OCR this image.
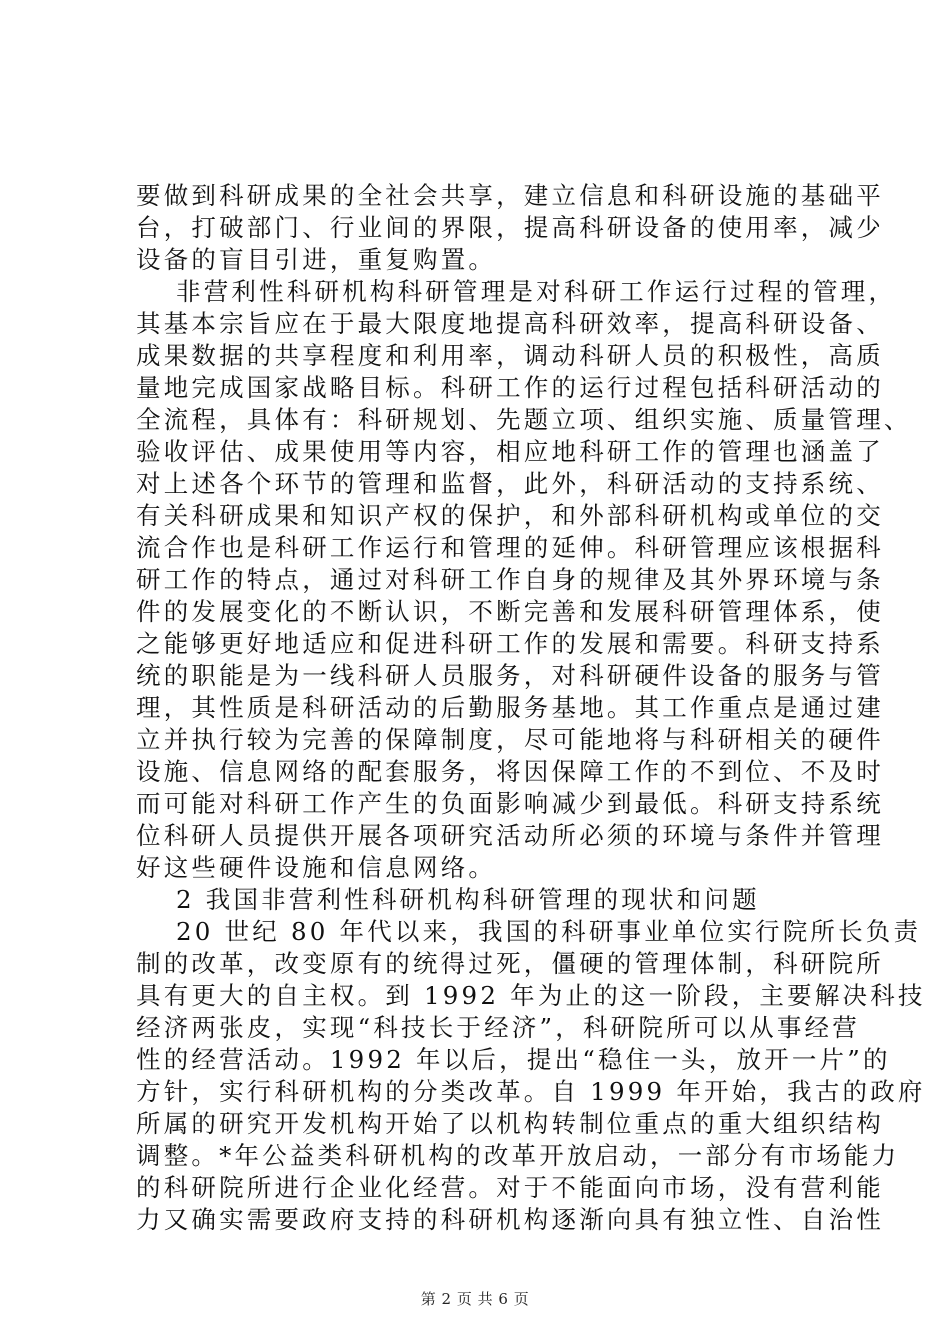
要做到科研成果的全社会共享，建立信息和科研设施的基础平
台，打破部门、行业间的界限，提高科研设备的使用率，减少
设备的盲目引进，重复购置。
非营利性科研机构科研管理是对科研工作运行过程的管理，
其基本宗旨应在于最大限度地提高科研效率，提高科研设备、
成果数据的共享程度和利用率，调动科研人员的积极性，高质
量地完成国家战略目标。科研工作的运行过程包括科研活动的
全流程，具体有：科研规划、先题立项、组织实施、质量管理、
验收评估、成果使用等内容，相应地科研工作的管理也涵盖了
对上述各个环节的管理和监督，此外，科研活动的支持系统、
有关科研成果和知识产权的保护，和外部科研机构或单位的交
流合作也是科研工作运行和管理的延伸。科研管理应该根据科
研工作的特点，通过对科研工作自身的规律及其外界环境与条
件的发展变化的不断认识，不断完善和发展科研管理体系，使
之能够更好地适应和促进科研工作的发展和需要。科研支持系
统的职能是为一线科研人员服务，对科研硬件设备的服务与管
理，其性质是科研活动的后勤服务基地。其工作重点是通过建
立并执行较为完善的保障制度，尽可能地将与科研相关的硬件
设施、信息网络的配套服务，将因保障工作的不到位、不及时
而可能对科研工作产生的负面影响减少到最低。科研支持系统
位科研人员提供开展各项研究活动所必须的环境与条件并管理
好这些硬件设施和信息网络。
2 我国非营利性科研机构科研管理的现状和问题
20 世纪 80 年代以来，我国的科研事业单位实行院所长负责
制的改革，改变原有的统得过死，僵硬的管理体制，科研院所
具有更大的自主权。到 1992 年为止的这一阶段，主要解决科技
经济两张皮，实现“科技长于经济”，科研院所可以从事经营
性的经营活动。1992 年以后，提出“稳住一头，放开一片”的
方针，实行科研机构的分类改革。自 1999 年开始，我古的政府
所属的研究开发机构开始了以机构转制位重点的重大组织结构
调整。*年公益类科研机构的改革开放启动，一部分有市场能力
的科研院所进行企业化经营。对于不能面向市场，没有营利能
力又确实需要政府支持的科研机构逐渐向具有独立性、自治性
第 2 页 共 6 页
